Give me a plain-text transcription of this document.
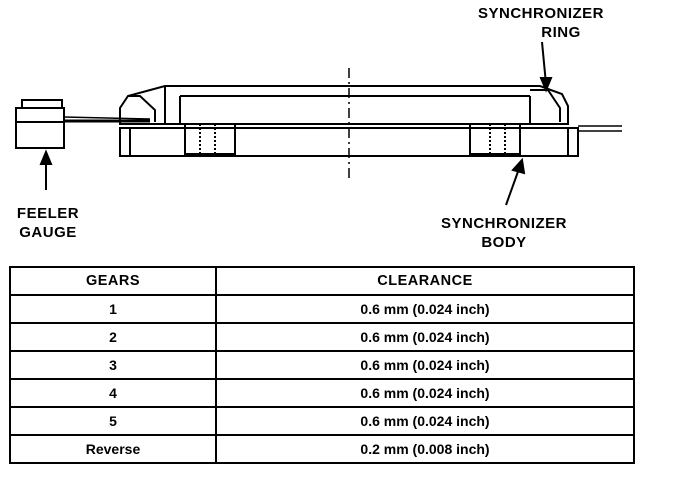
SYNCHRONIZER
RING
FEELER
GAUGE
SYNCHRONIZER
BODY
GEARS	CLEARANCE
1	0.6 mm (0.024 inch)
2	0.6 mm (0.024 inch)
3	0.6 mm (0.024 inch)
4	0.6 mm (0.024 inch)
5	0.6 mm (0.024 inch)
Reverse	0.2 mm (0.008 inch)
